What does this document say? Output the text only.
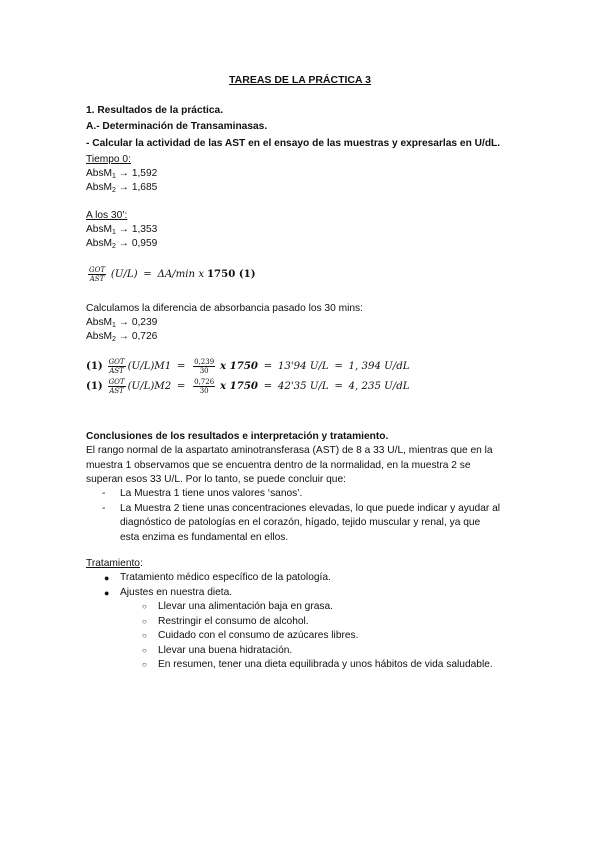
TAREAS DE LA PRÁCTICA 3
1. Resultados de la práctica.
A.- Determinación de Transaminasas.
- Calcular la actividad de las AST en el ensayo de las muestras y expresarlas en U/dL.
Tiempo 0:
AbsM$_1$ → 1,592
AbsM$_2$ → 1,685
A los 30’:
AbsM$_1$ → 1,353
AbsM$_2$ → 0,959
$\frac{\text{GOT}}{\text{AST}} (U/L) = \Delta A/\min$ x 1750 (1)
Calculamos la diferencia de absorbancia pasado los 30 mins:
AbsM$_1$ → 0,239
AbsM$_2$ → 0,726
$(1) \frac{\text{GOT}}{\text{AST}} (U/L)M1 = \frac{0,239}{30}$ x 1750 = 13'94 U/L = 1, 394 U/dL
$(1) \frac{\text{GOT}}{\text{AST}} (U/L)M2 = \frac{0,726}{30}$ x 1750 = 42'35 U/L = 4, 235 U/dL
Conclusiones de los resultados e interpretación y tratamiento.
El rango normal de la aspartato aminotransferasa (AST) de 8 a 33 U/L, mientras que en la
muestra 1 observamos que se encuentra dentro de la normalidad, en la muestra 2 se
superan esos 33 U/L. Por lo tanto, se puede concluir que:
- La Muestra 1 tiene unos valores ‘sanos’.
- La Muestra 2 tiene unas concentraciones elevadas, lo que puede indicar y ayudar al
diagnóstico de patologías en el corazón, hígado, tejido muscular y renal, ya que
esta enzima es fundamental en ellos.
Tratamiento:
● Tratamiento médico específico de la patología.
● Ajustes en nuestra dieta.
○ Llevar una alimentación baja en grasa.
○ Restringir el consumo de alcohol.
○ Cuidado con el consumo de azúcares libres.
○ Llevar una buena hidratación.
○ En resumen, tener una dieta equilibrada y unos hábitos de vida saludable.
